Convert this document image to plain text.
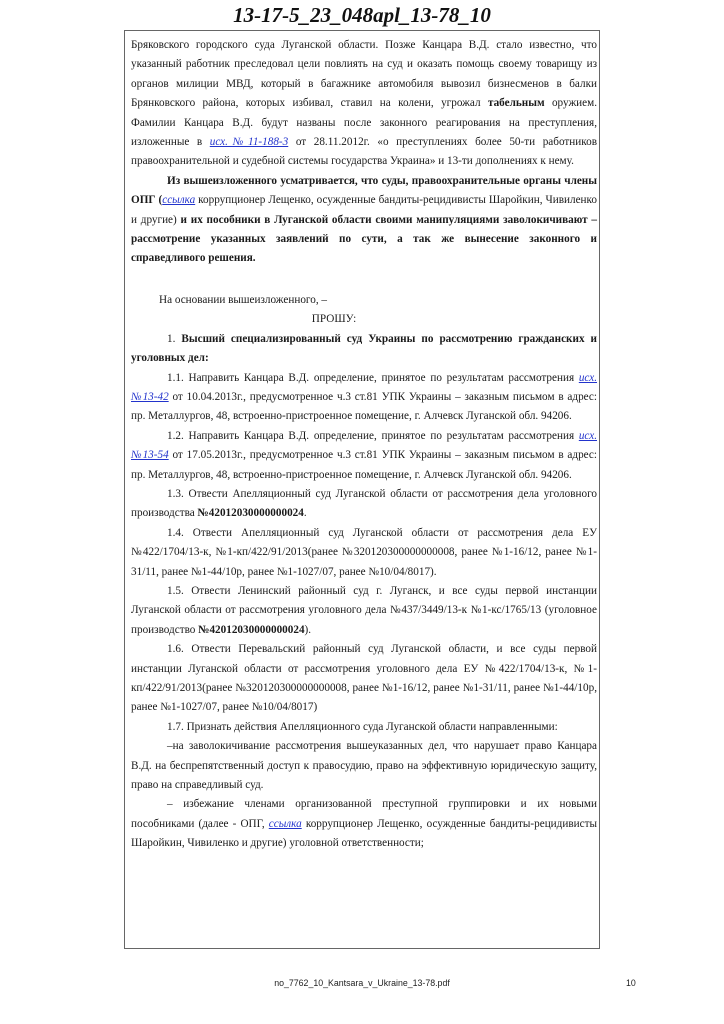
13-17-5_23_048apl_13-78_10

Бряковского городского суда Луганской области. Позже Канцара В.Д. стало известно, что указанный работник преследовал цели повлиять на суд и оказать помощь своему товарищу из органов милиции МВД, который в багажнике автомобиля вывозил бизнесменов в балки Брянковского района, которых избивал, ставил на колени, угрожал табельным оружием. Фамилии Канцара В.Д. будут названы после законного реагирования на преступления, изложенные в исх.№11-188-3 от 28.11.2012г. «о преступлениях более 50-ти работников правоохранительной и судебной системы государства Украина» и 13-ти дополнениях к нему.

Из вышеизложенного усматривается, что суды, правоохранительные органы члены ОПГ (ссылка коррупционер Лещенко, осужденные бандиты-рецидивисты Шаройкин, Чивиленко и другие) и их пособники в Луганской области своими манипуляциями заволокичивают – рассмотрение указанных заявлений по сути, а так же вынесение законного и справедливого решения.

На основании вышеизложенного, –

ПРОШУ:

1. Высший специализированный суд Украины по рассмотрению гражданских и уголовных дел:

1.1. Направить Канцара В.Д. определение, принятое по результатам рассмотрения исх.№13-42 от 10.04.2013г., предусмотренное ч.3 ст.81 УПК Украины – заказным письмом в адрес: пр. Металлургов, 48, встроенно-пристроенное помещение, г. Алчевск Луганской обл. 94206.

1.2. Направить Канцара В.Д. определение, принятое по результатам рассмотрения исх.№13-54 от 17.05.2013г., предусмотренное ч.3 ст.81 УПК Украины – заказным письмом в адрес: пр. Металлургов, 48, встроенно-пристроенное помещение, г. Алчевск Луганской обл. 94206.

1.3. Отвести Апелляционный суд Луганской области от рассмотрения дела уголовного производства №42012030000000024.

1.4. Отвести Апелляционный суд Луганской области от рассмотрения дела ЕУ №422/1704/13-к, №1-кп/422/91/2013(ранее №320120300000000008, ранее №1-16/12, ранее №1-31/11, ранее №1-44/10р, ранее №1-1027/07, ранее №10/04/8017).

1.5. Отвести Ленинский районный суд г. Луганск, и все суды первой инстанции Луганской области от рассмотрения уголовного дела №437/3449/13-к №1-кс/1765/13 (уголовное производство №42012030000000024).

1.6. Отвести Перевальский районный суд Луганской области, и все суды первой инстанции Луганской области от рассмотрения уголовного дела ЕУ №422/1704/13-к, №1-кп/422/91/2013(ранее №320120300000000008, ранее №1-16/12, ранее №1-31/11, ранее №1-44/10р, ранее №1-1027/07, ранее №10/04/8017)

1.7. Признать действия Апелляционного суда Луганской области направленными:

–на заволокичивание рассмотрения вышеуказанных дел, что нарушает право Канцара В.Д. на беспрепятственный доступ к правосудию, право на эффективную юридическую защиту, право на справедливый суд.

– избежание членами организованной преступной группировки и их новыми пособниками (далее - ОПГ, ссылка коррупционер Лещенко, осужденные бандиты-рецидивисты Шаройкин, Чивиленко и другие) уголовной ответственности;

no_7762_10_Kantsara_v_Ukraine_13-78.pdf	10
